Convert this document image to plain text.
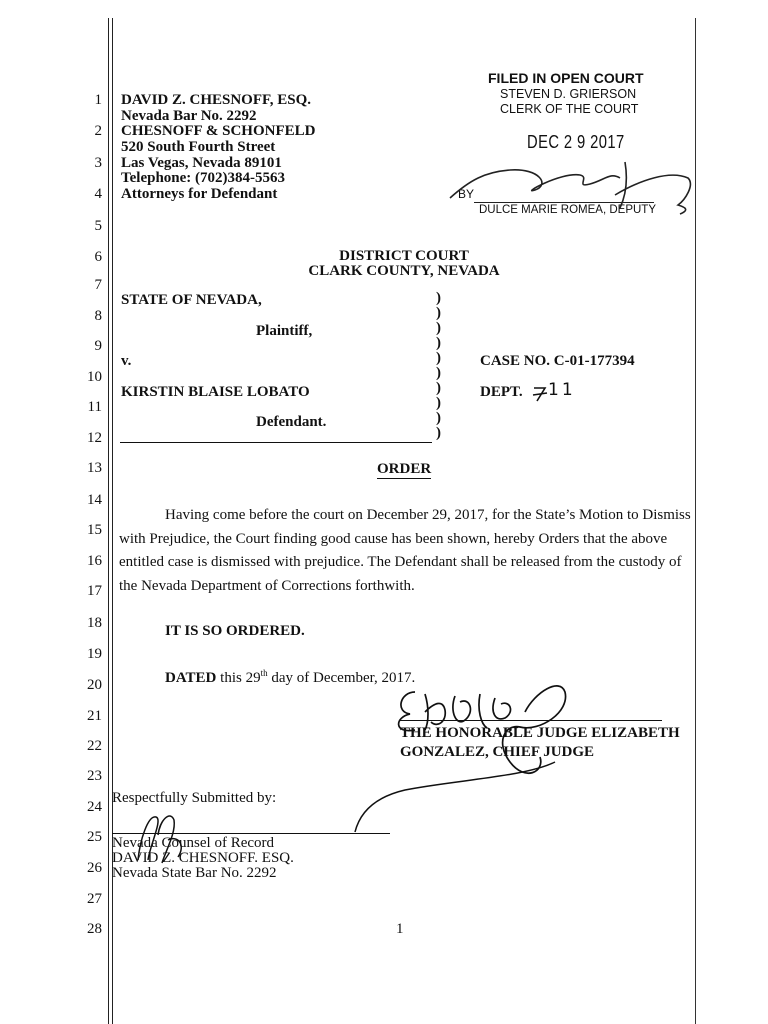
1
2
3
4
5
6
7
8
9
10
11
12
13
14
15
16
17
18
19
20
21
22
23
24
25
26
27
28
DAVID Z. CHESNOFF, ESQ.
Nevada Bar No. 2292
CHESNOFF & SCHONFELD
520 South Fourth Street
Las Vegas, Nevada 89101
Telephone: (702)384-5563
Attorneys for Defendant
FILED IN OPEN COURT
STEVEN D. GRIERSON
CLERK OF THE COURT
DEC 2 9 2017
BY
DULCE MARIE ROMEA, DEPUTY
DISTRICT COURT
CLARK COUNTY, NEVADA
STATE OF NEVADA,
Plaintiff,
v.
KIRSTIN BLAISE LOBATO
Defendant.
)
)
)
)
)
)
)
)
)
)
CASE NO. C-01-177394
DEPT. 11
ORDER
Having come before the court on December 29, 2017, for the State’s Motion to Dismiss
with Prejudice, the Court finding good cause has been shown, hereby Orders that the above
entitled case is dismissed with prejudice. The Defendant shall be released from the custody of
the Nevada Department of Corrections forthwith.
IT IS SO ORDERED.
DATED this 29th day of December, 2017.
THE HONORABLE JUDGE ELIZABETH
GONZALEZ, CHIEF JUDGE
Respectfully Submitted by:
Nevada Counsel of Record
DAVID Z. CHESNOFF. ESQ.
Nevada State Bar No. 2292
1
